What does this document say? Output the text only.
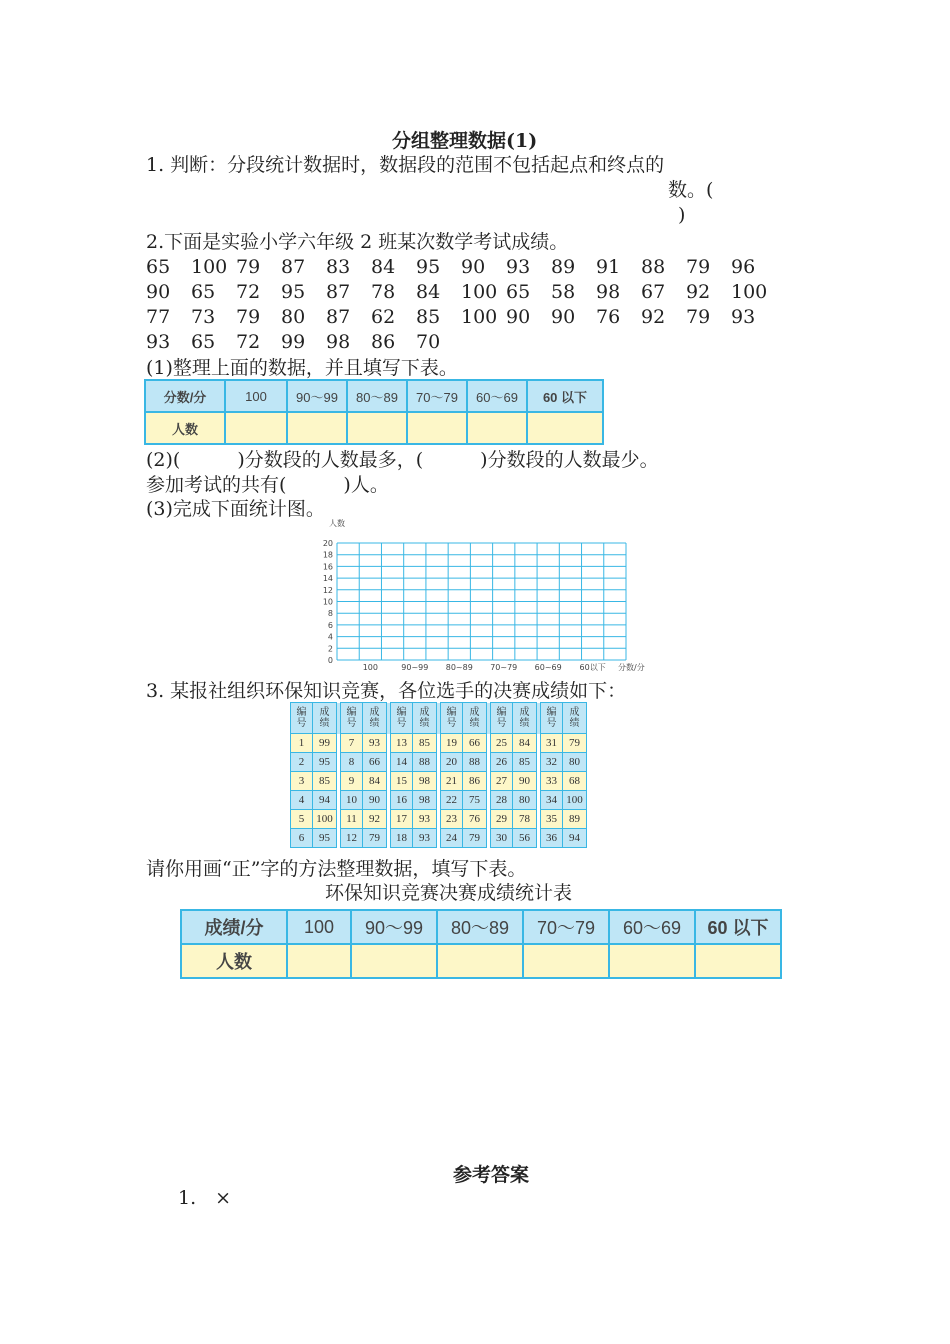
分组整理数据(1)
1. 判断：分段统计数据时，数据段的范围不包括起点和终点的
数。(
)
2.下面是实验小学六年级 2 班某次数学考试成绩。
65 100 79 87 83 84 95 90 93 89 91 88 79 96
90 65 72 95 87 78 84 100 65 58 98 67 92 100
77 73 79 80 87 62 85 100 90 90 76 92 79 93
93 65 72 99 98 86 70
(1)整理上面的数据，并且填写下表。
分数/分	100	90～99	80～89	70～79	60～69	60 以下
人数						
(2)(　　　)分数段的人数最多，(　　　)分数段的人数最少。
参加考试的共有(　　　)人。
(3)完成下面统计图。
0
2
4
6
8
10
12
14
16
18
20
人数
分数/分
100	90~99 80~89 70~79 60~69 60以下
3. 某报社组织环保知识竞赛，各位选手的决赛成绩如下：
编
号	成
绩		编
号	成
绩		编
号	成
绩		编
号	成
绩		编
号	成
绩		编
号	成
绩
1	99		7	93		13	85		19	66		25	84		31	79
2	95		8	66		14	88		20	88		26	85		32	80
3	85		9	84		15	98		21	86		27	90		33	68
4	94		10	90		16	98		22	75		28	80		34	100
5	100		11	92		17	93		23	76		29	78		35	89
6	95		12	79		18	93		24	79		30	56		36	94
请你用画“正”字的方法整理数据，填写下表。
环保知识竞赛决赛成绩统计表
成绩/分	100	90～99	80～89	70～79	60～69	60 以下
人数						
参考答案
1.　×
